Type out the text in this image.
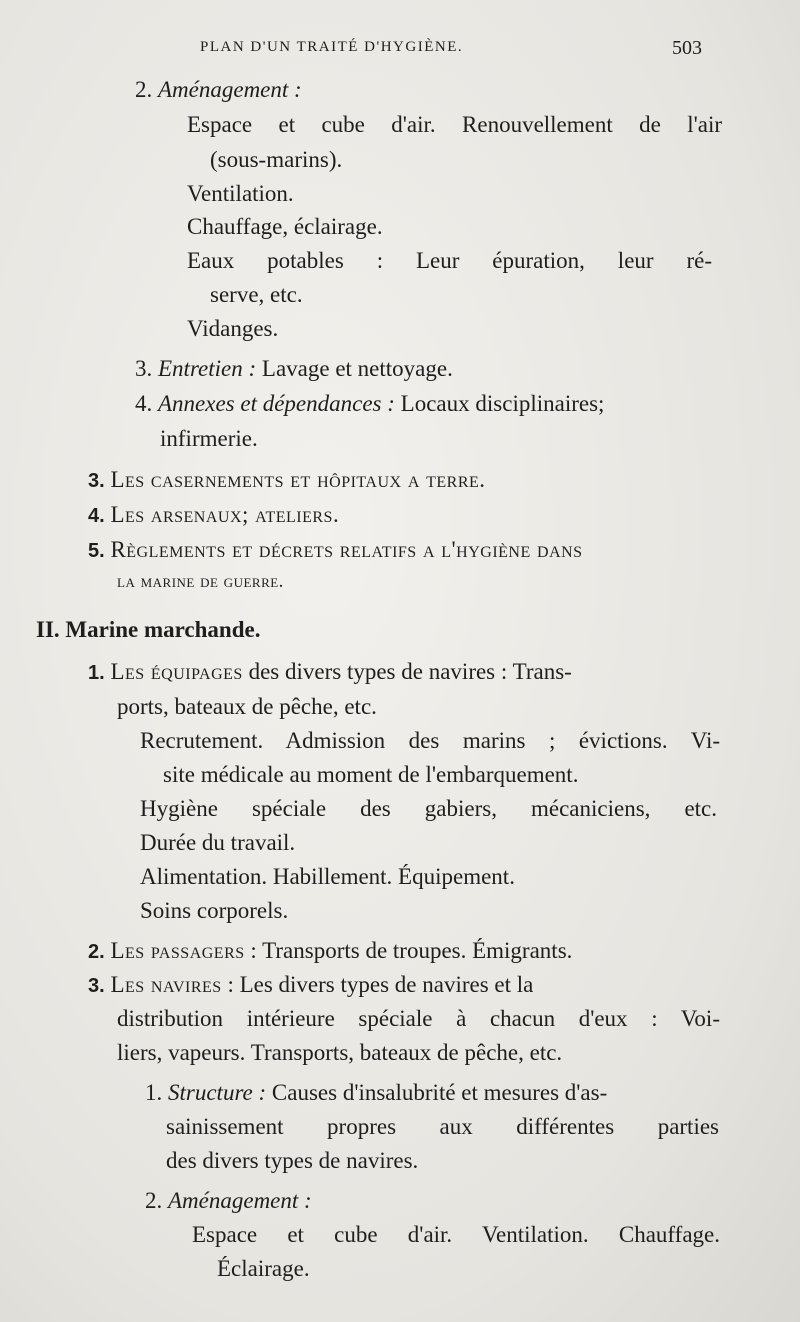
PLAN D'UN TRAITÉ D'HYGIÈNE.	503
2. Aménagement :
Espace et cube d'air. Renouvellement de l'air
(sous-marins).
Ventilation.
Chauffage, éclairage.
Eaux potables : Leur épuration, leur ré-
serve, etc.
Vidanges.
3. Entretien : Lavage et nettoyage.
4. Annexes et dépendances : Locaux disciplinaires;
infirmerie.
3. Les casernements et hôpitaux a terre.
4. Les arsenaux; ateliers.
5. Règlements et décrets relatifs a l'hygiène dans
la marine de guerre.
II. Marine marchande.
1. Les équipages des divers types de navires : Trans-
ports, bateaux de pêche, etc.
Recrutement. Admission des marins ; évictions. Vi-
site médicale au moment de l'embarquement.
Hygiène spéciale des gabiers, mécaniciens, etc.
Durée du travail.
Alimentation. Habillement. Équipement.
Soins corporels.
2. Les passagers : Transports de troupes. Émigrants.
3. Les navires : Les divers types de navires et la
distribution intérieure spéciale à chacun d'eux : Voi-
liers, vapeurs. Transports, bateaux de pêche, etc.
1. Structure : Causes d'insalubrité et mesures d'as-
sainissement propres aux différentes parties
des divers types de navires.
2. Aménagement :
Espace et cube d'air. Ventilation. Chauffage.
Éclairage.
